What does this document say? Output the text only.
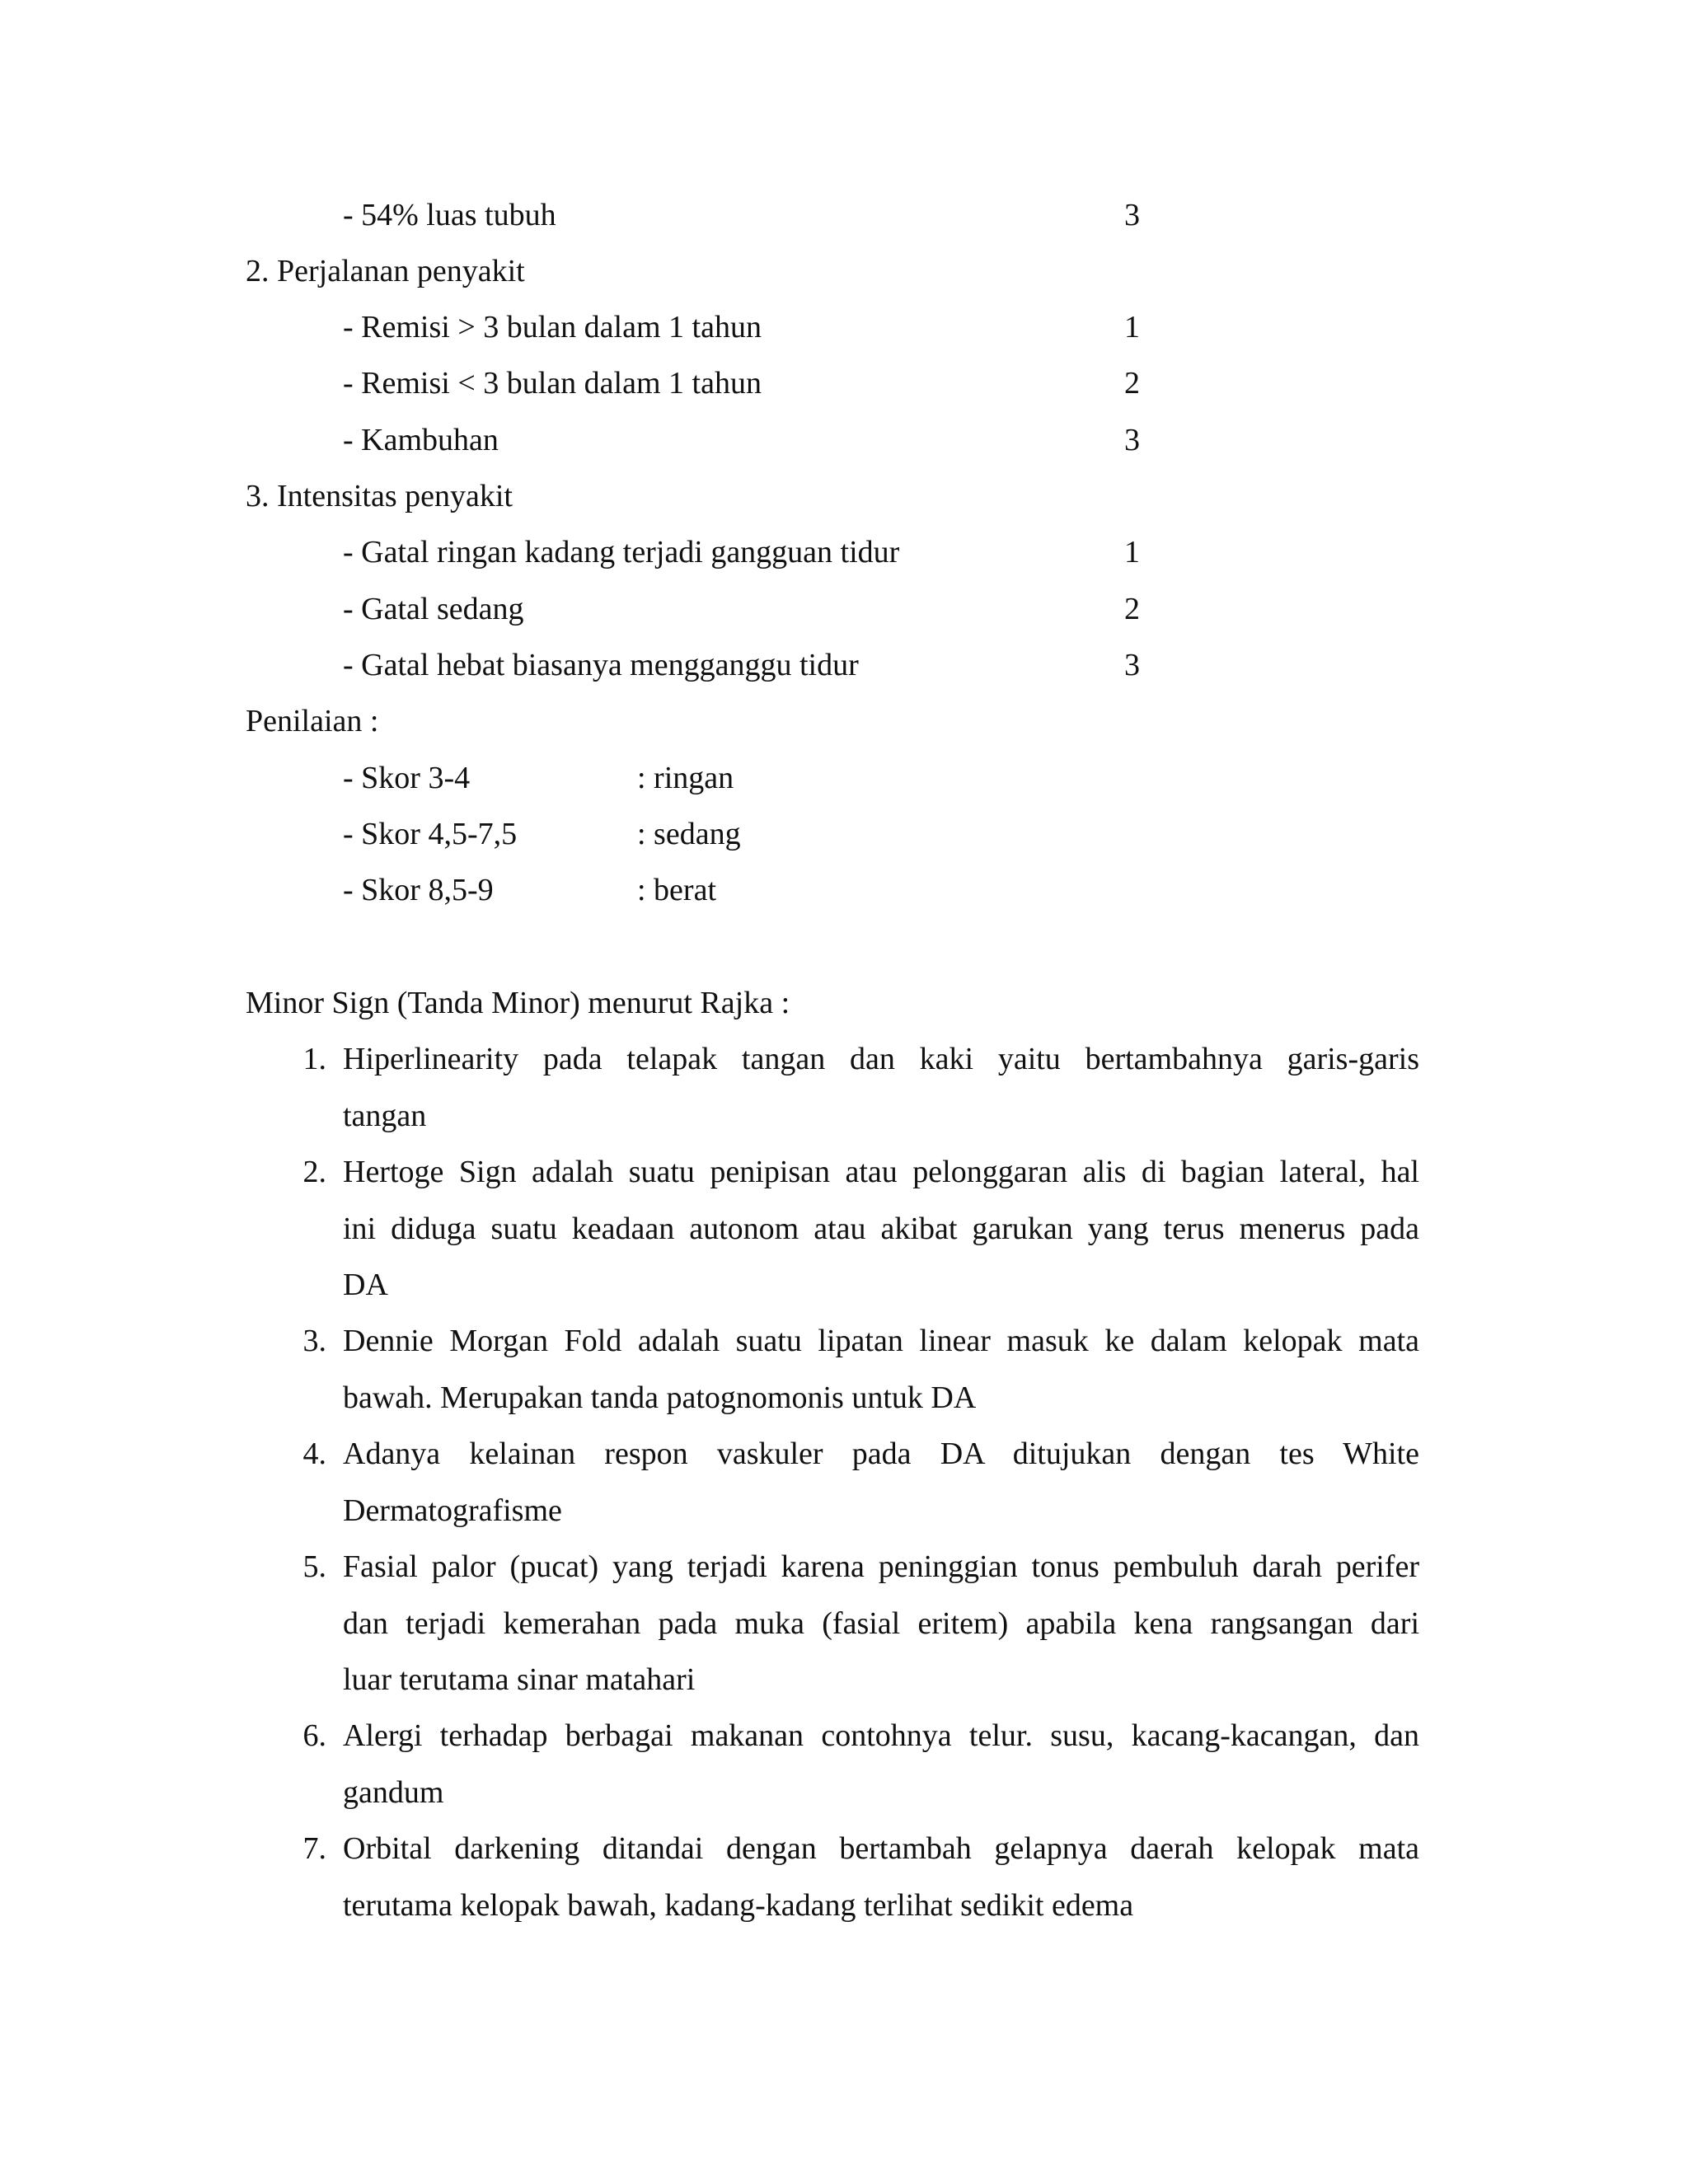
- 54% luas tubuh	3
2. Perjalanan penyakit
- Remisi > 3 bulan dalam 1 tahun	1
- Remisi < 3 bulan dalam 1 tahun	2
- Kambuhan	3
3. Intensitas penyakit
- Gatal ringan kadang terjadi gangguan tidur	1
- Gatal sedang	2
- Gatal hebat biasanya mengganggu tidur	3
Penilaian :
- Skor 3-4	: ringan
- Skor 4,5-7,5	: sedang
- Skor 8,5-9	: berat
Minor Sign (Tanda Minor) menurut Rajka :
1. Hiperlinearity pada telapak tangan dan kaki yaitu bertambahnya garis-garis
tangan
2. Hertoge Sign adalah suatu penipisan atau pelonggaran alis di bagian lateral, hal
ini diduga suatu keadaan autonom atau akibat garukan yang terus menerus pada
DA
3. Dennie Morgan Fold adalah suatu lipatan linear masuk ke dalam kelopak mata
bawah. Merupakan tanda patognomonis untuk DA
4. Adanya kelainan respon vaskuler pada DA ditujukan dengan tes White
Dermatografisme
5. Fasial palor (pucat) yang terjadi karena peninggian tonus pembuluh darah perifer
dan terjadi kemerahan pada muka (fasial eritem) apabila kena rangsangan dari
luar terutama sinar matahari
6. Alergi terhadap berbagai makanan contohnya telur. susu, kacang-kacangan, dan
gandum
7. Orbital darkening ditandai dengan bertambah gelapnya daerah kelopak mata
terutama kelopak bawah, kadang-kadang terlihat sedikit edema
